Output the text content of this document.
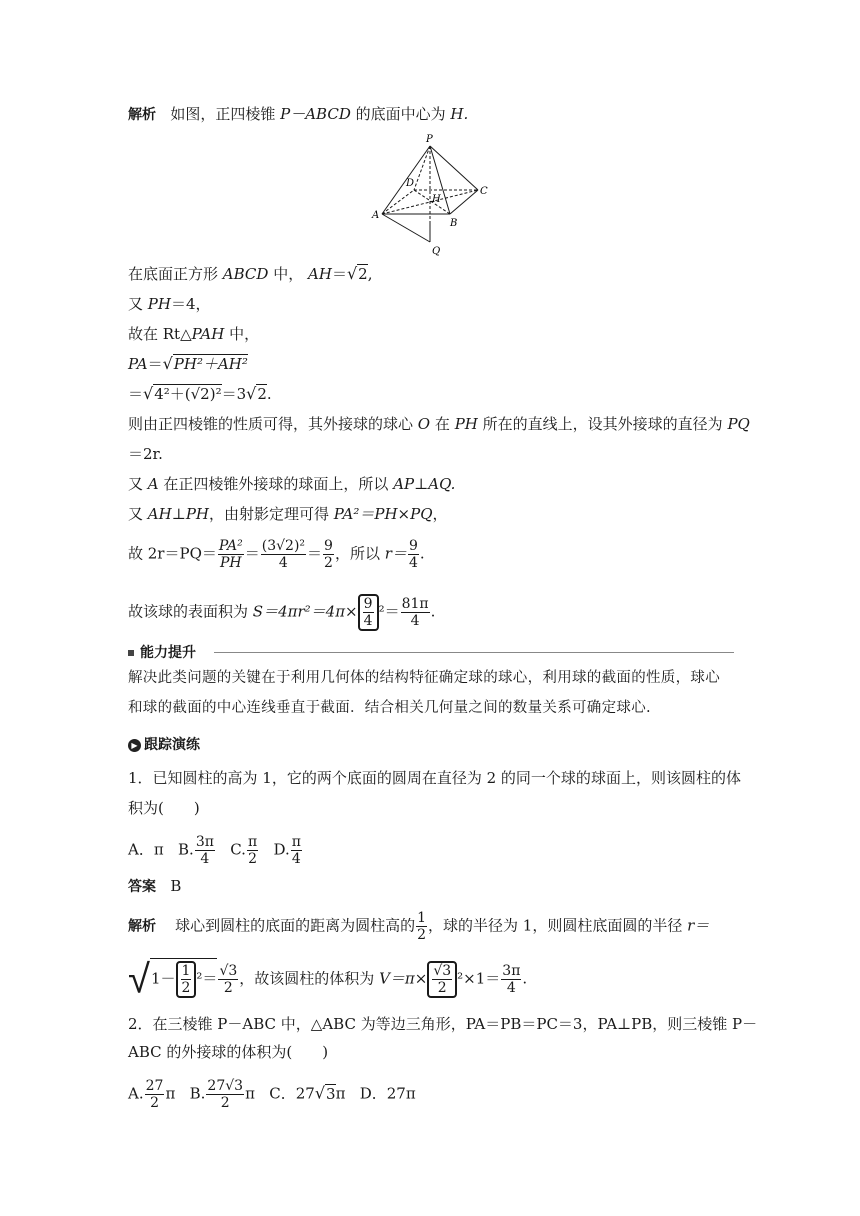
解析 如图，正四棱锥 P－ABCD 的底面中心为 H.
P
D
H
C
A
B
Q
在底面正方形 ABCD 中， AH＝√2,
又 PH＝4，
故在 Rt△PAH 中，
PA＝√PH²＋AH²
＝√4²＋(√2)²＝3√2.
则由正四棱锥的性质可得，其外接球的球心 O 在 PH 所在的直线上，设其外接球的直径为 PQ
＝2r.
又 A 在正四棱锥外接球的球面上，所以 AP⊥AQ.
又 AH⊥PH，由射影定理可得 PA²＝PH×PQ，
故 $2r=PQ= \frac{\text{PA²}}{PH} = \frac{\text{(3√2)²}}{4} = \frac{9}{2}$ ，所以 $r= \frac{9}{4}$ .
故该球的表面积为 $S=4\pi r^2=4\pi\times \frac{9}{4} ^2= \frac{81\pi}{4}$ .
能力提升
解决此类问题的关键在于利用几何体的结构特征确定球的球心，利用球的截面的性质，球心
和球的截面的中心连线垂直于截面．结合相关几何量之间的数量关系可确定球心.
▶ 跟踪演练
1．已知圆柱的高为 1，它的两个底面的圆周在直径为 2 的同一个球的球面上，则该圆柱的体
积为(　　)
A．π B. $\frac{3\pi}{4} C$. $\frac{\pi}{2} D$. $\frac{\pi}{4}$
答案 B
解析 球心到圆柱的底面的距离为圆柱高的 $\frac{1}{2}$ ，球的半径为 1，则圆柱底面圆的半径 r＝
$√1- \frac{1}{2} ^2= \frac{√3}{2}$ ，故该圆柱的体积为 $V=\pi\times \frac{√3}{2} ^2\times 1= \frac{3\pi}{4}$ .
2．在三棱锥 P－ABC 中，△ABC 为等边三角形，PA＝PB＝PC＝3，PA⊥PB，则三棱锥 P－
ABC 的外接球的体积为(　　)
A. $\frac{27}{2}$ π B. $\frac{27√3}{2}$ π C．27√3π D．27π
